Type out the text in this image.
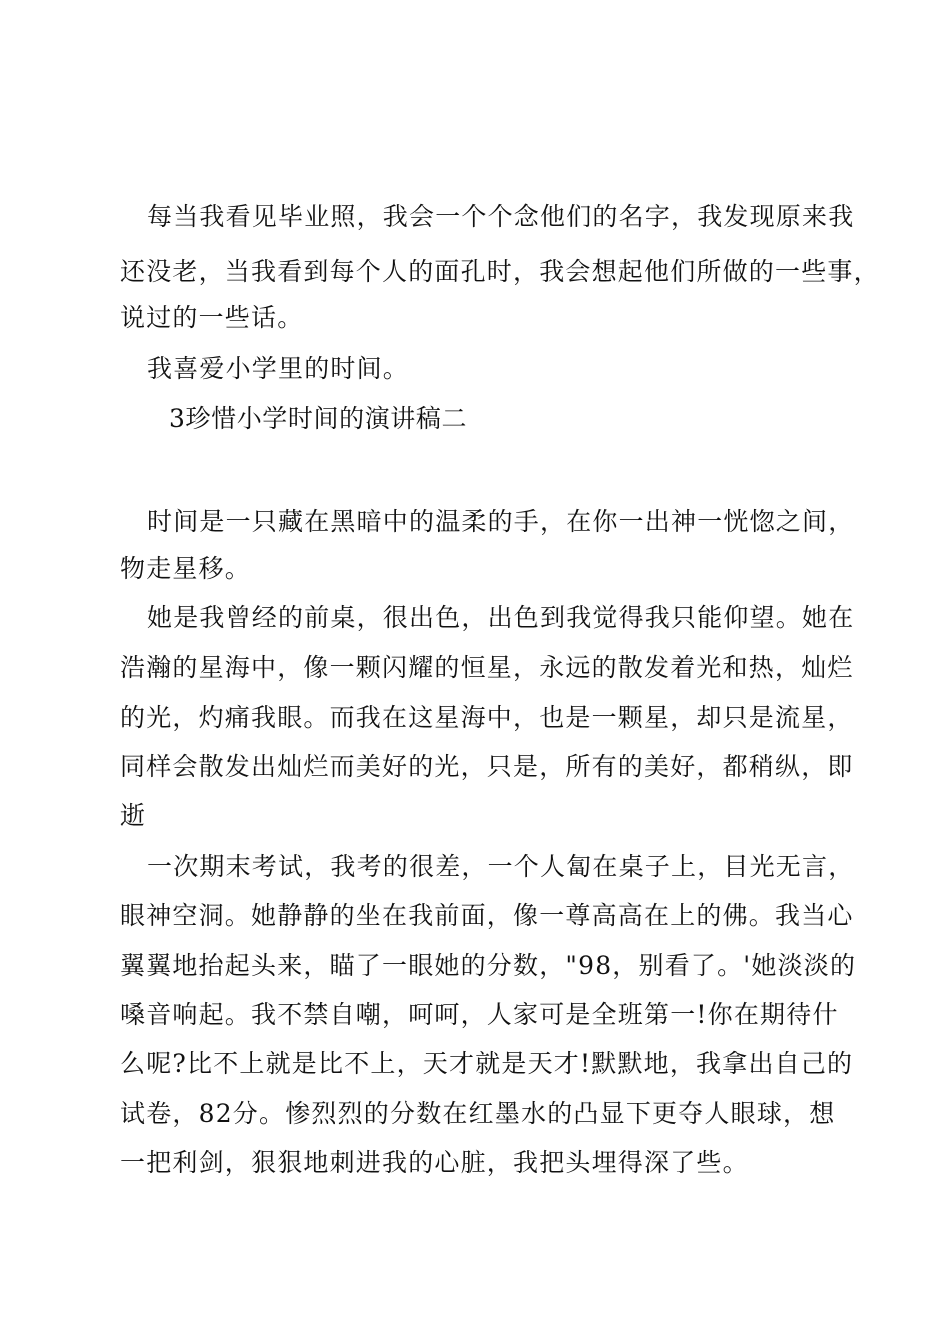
每当我看见毕业照，我会一个个念他们的名字，我发现原来我
还没老，当我看到每个人的面孔时，我会想起他们所做的一些事，
说过的一些话。
我喜爱小学里的时间。
3珍惜小学时间的演讲稿二
时间是一只藏在黑暗中的温柔的手，在你一出神一恍惚之间，
物走星移。
她是我曾经的前桌，很出色，出色到我觉得我只能仰望。她在
浩瀚的星海中，像一颗闪耀的恒星，永远的散发着光和热，灿烂
的光，灼痛我眼。而我在这星海中，也是一颗星，却只是流星，
同样会散发出灿烂而美好的光，只是，所有的美好，都稍纵，即
逝
一次期末考试，我考的很差，一个人匐在桌子上，目光无言，
眼神空洞。她静静的坐在我前面，像一尊高高在上的佛。我当心
翼翼地抬起头来，瞄了一眼她的分数，"98，别看了。'她淡淡的
嗓音响起。我不禁自嘲，呵呵，人家可是全班第一!你在期待什
么呢?比不上就是比不上，天才就是天才!默默地，我拿出自己的
试卷，82分。惨烈烈的分数在红墨水的凸显下更夺人眼球，想
一把利剑，狠狠地刺进我的心脏，我把头埋得深了些。
